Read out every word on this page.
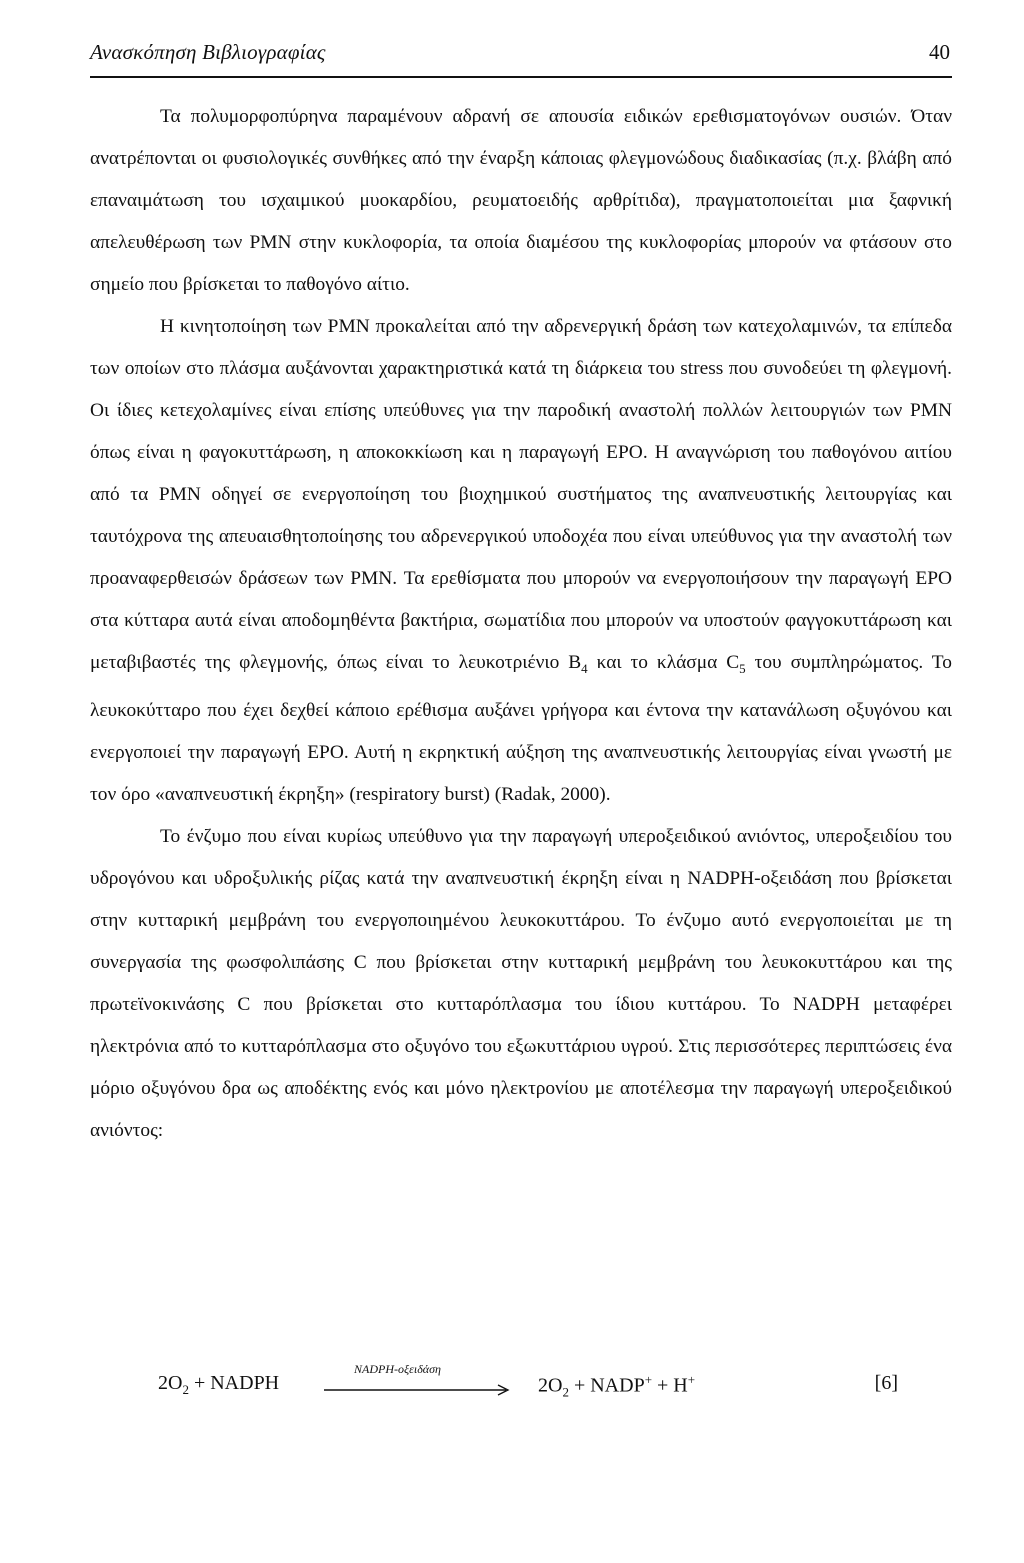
Ανασκόπηση Βιβλιογραφίας	40

Τα πολυμορφοπύρηνα παραμένουν αδρανή σε απουσία ειδικών ερεθισματογόνων ουσιών. Όταν ανατρέπονται οι φυσιολογικές συνθήκες από την έναρξη κάποιας φλεγμονώδους διαδικασίας (π.χ. βλάβη από επαναιμάτωση του ισχαιμικού μυοκαρδίου, ρευματοειδής αρθρίτιδα), πραγματοποιείται μια ξαφνική απελευθέρωση των PMN στην κυκλοφορία, τα οποία διαμέσου της κυκλοφορίας μπορούν να φτάσουν στο σημείο που βρίσκεται το παθογόνο αίτιο.

Η κινητοποίηση των PMN προκαλείται από την αδρενεργική δράση των κατεχολαμινών, τα επίπεδα των οποίων στο πλάσμα αυξάνονται χαρακτηριστικά κατά τη διάρκεια του stress που συνοδεύει τη φλεγμονή. Οι ίδιες κετεχολαμίνες είναι επίσης υπεύθυνες για την παροδική αναστολή πολλών λειτουργιών των PMN όπως είναι η φαγοκυττάρωση, η αποκοκκίωση και η παραγωγή ΕΡΟ. Η αναγνώριση του παθογόνου αιτίου από τα PMN οδηγεί σε ενεργοποίηση του βιοχημικού συστήματος της αναπνευστικής λειτουργίας και ταυτόχρονα της απευαισθητοποίησης του αδρενεργικού υποδοχέα που είναι υπεύθυνος για την αναστολή των προαναφερθεισών δράσεων των PMN. Τα ερεθίσματα που μπορούν να ενεργοποιήσουν την παραγωγή ΕΡΟ στα κύτταρα αυτά είναι αποδομηθέντα βακτήρια, σωματίδια που μπορούν να υποστούν φαγγοκυττάρωση και μεταβιβαστές της φλεγμονής, όπως είναι το λευκοτριένιο $B_4$ και το κλάσμα $C_5$ του συμπληρώματος. Το λευκοκύτταρο που έχει δεχθεί κάποιο ερέθισμα αυξάνει γρήγορα και έντονα την κατανάλωση οξυγόνου και ενεργοποιεί την παραγωγή ΕΡΟ. Αυτή η εκρηκτική αύξηση της αναπνευστικής λειτουργίας είναι γνωστή με τον όρο «αναπνευστική έκρηξη» (respiratory burst) (Radak, 2000).

Το ένζυμο που είναι κυρίως υπεύθυνο για την παραγωγή υπεροξειδικού ανιόντος, υπεροξειδίου του υδρογόνου και υδροξυλικής ρίζας κατά την αναπνευστική έκρηξη είναι η NADPH-οξειδάση που βρίσκεται στην κυτταρική μεμβράνη του ενεργοποιημένου λευκοκυττάρου. Το ένζυμο αυτό ενεργοποιείται με τη συνεργασία της φωσφολιπάσης C που βρίσκεται στην κυτταρική μεμβράνη του λευκοκυττάρου και της πρωτεϊνοκινάσης C που βρίσκεται στο κυτταρόπλασμα του ίδιου κυττάρου. Το NADPH μεταφέρει ηλεκτρόνια από το κυτταρόπλασμα στο οξυγόνο του εξωκυττάριου υγρού. Στις περισσότερες περιπτώσεις ένα μόριο οξυγόνου δρα ως αποδέκτης ενός και μόνο ηλεκτρονίου με αποτέλεσμα την παραγωγή υπεροξειδικού ανιόντος:

$2O_2$ + NADPH
NADPH-οξειδάση
$2O_2$ + NADP+ + H+	[6]
